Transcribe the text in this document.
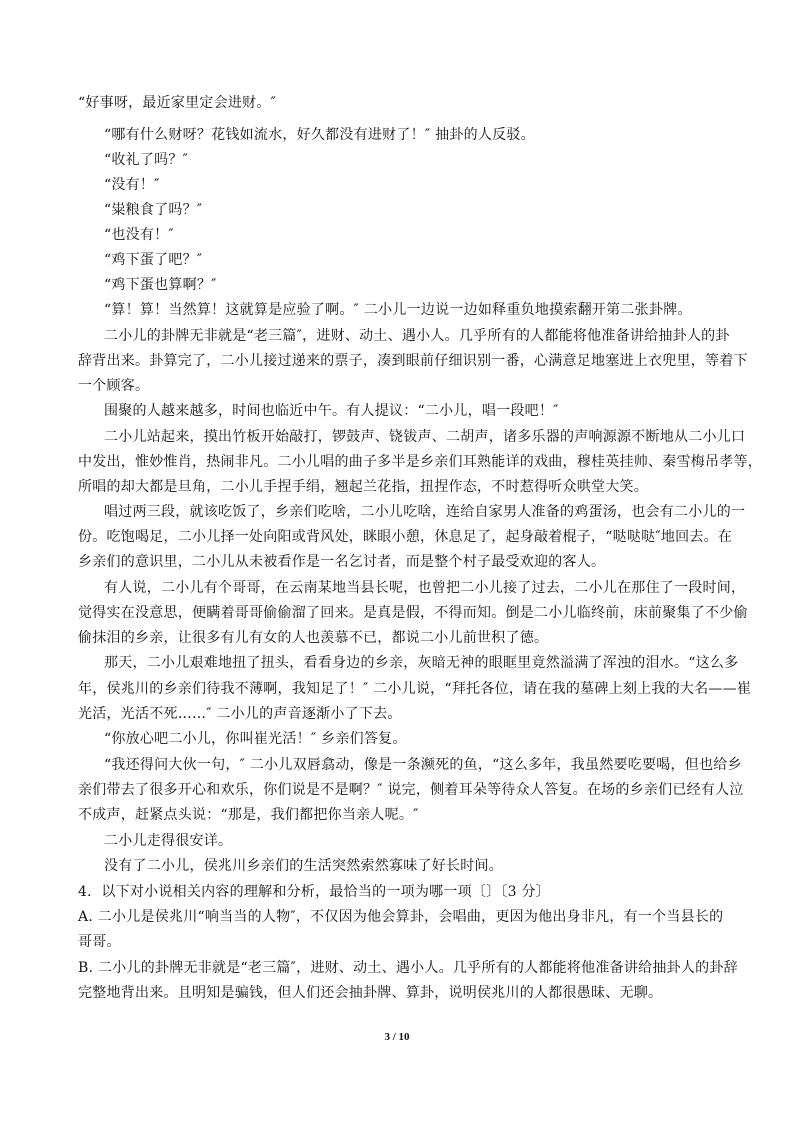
“好事呀，最近家里定会进财。″
“哪有什么财呀？花钱如流水，好久都没有进财了！″ 抽卦的人反驳。
“收礼了吗？″
“没有！″
“粜粮食了吗？″
“也没有！″
“鸡下蛋了吧？″
“鸡下蛋也算啊？″
“算！算！当然算！这就算是应验了啊。″ 二小儿一边说一边如释重负地摸索翻开第二张卦牌。
二小儿的卦牌无非就是“老三篇″，进财、动土、遇小人。几乎所有的人都能将他准备讲给抽卦人的卦
辞背出来。卦算完了，二小儿接过递来的票子，凑到眼前仔细识别一番，心满意足地塞进上衣兜里，等着下
一个顾客。
围聚的人越来越多，时间也临近中午。有人提议：“二小儿，唱一段吧！″
二小儿站起来，摸出竹板开始敲打，锣鼓声、铙钹声、二胡声，诸多乐器的声响源源不断地从二小儿口
中发出，惟妙惟肖，热闹非凡。二小儿唱的曲子多半是乡亲们耳熟能详的戏曲，穆桂英挂帅、秦雪梅吊孝等，
所唱的却大都是旦角，二小儿手捏手绢，翘起兰花指，扭捏作态，不时惹得听众哄堂大笑。
唱过两三段，就该吃饭了，乡亲们吃啥，二小儿吃啥，连给自家男人准备的鸡蛋汤，也会有二小儿的一
份。吃饱喝足，二小儿择一处向阳或背风处，眯眼小憩，休息足了，起身敲着棍子，“哒哒哒″地回去。在
乡亲们的意识里，二小儿从未被看作是一名乞讨者，而是整个村子最受欢迎的客人。
有人说，二小儿有个哥哥，在云南某地当县长呢，也曾把二小儿接了过去，二小儿在那住了一段时间，
觉得实在没意思，便瞒着哥哥偷偷溜了回来。是真是假，不得而知。倒是二小儿临终前，床前聚集了不少偷
偷抹泪的乡亲，让很多有儿有女的人也羡慕不已，都说二小儿前世积了德。
那天，二小儿艰难地扭了扭头，看看身边的乡亲，灰暗无神的眼眶里竟然溢满了浑浊的泪水。“这么多
年，侯兆川的乡亲们待我不薄啊，我知足了！″ 二小儿说，“拜托各位，请在我的墓碑上刻上我的大名——崔
光活，光活不死……″ 二小儿的声音逐渐小了下去。
“你放心吧二小儿，你叫崔光活！″ 乡亲们答复。
“我还得问大伙一句，″ 二小儿双唇翕动，像是一条濒死的鱼，“这么多年，我虽然要吃要喝，但也给乡
亲们带去了很多开心和欢乐，你们说是不是啊？″ 说完，侧着耳朵等待众人答复。在场的乡亲们已经有人泣
不成声，赶紧点头说：“那是，我们都把你当亲人呢。″
二小儿走得很安详。
没有了二小儿，侯兆川乡亲们的生活突然索然寡味了好长时间。
4．以下对小说相关内容的理解和分析，最恰当的一项为哪一项〔〕〔3 分〕
A. 二小儿是侯兆川“响当当的人物″，不仅因为他会算卦，会唱曲，更因为他出身非凡，有一个当县长的
哥哥。
B. 二小儿的卦牌无非就是“老三篇″，进财、动土、遇小人。几乎所有的人都能将他准备讲给抽卦人的卦辞
完整地背出来。且明知是骗钱，但人们还会抽卦牌、算卦，说明侯兆川的人都很愚昧、无聊。
3 / 10
